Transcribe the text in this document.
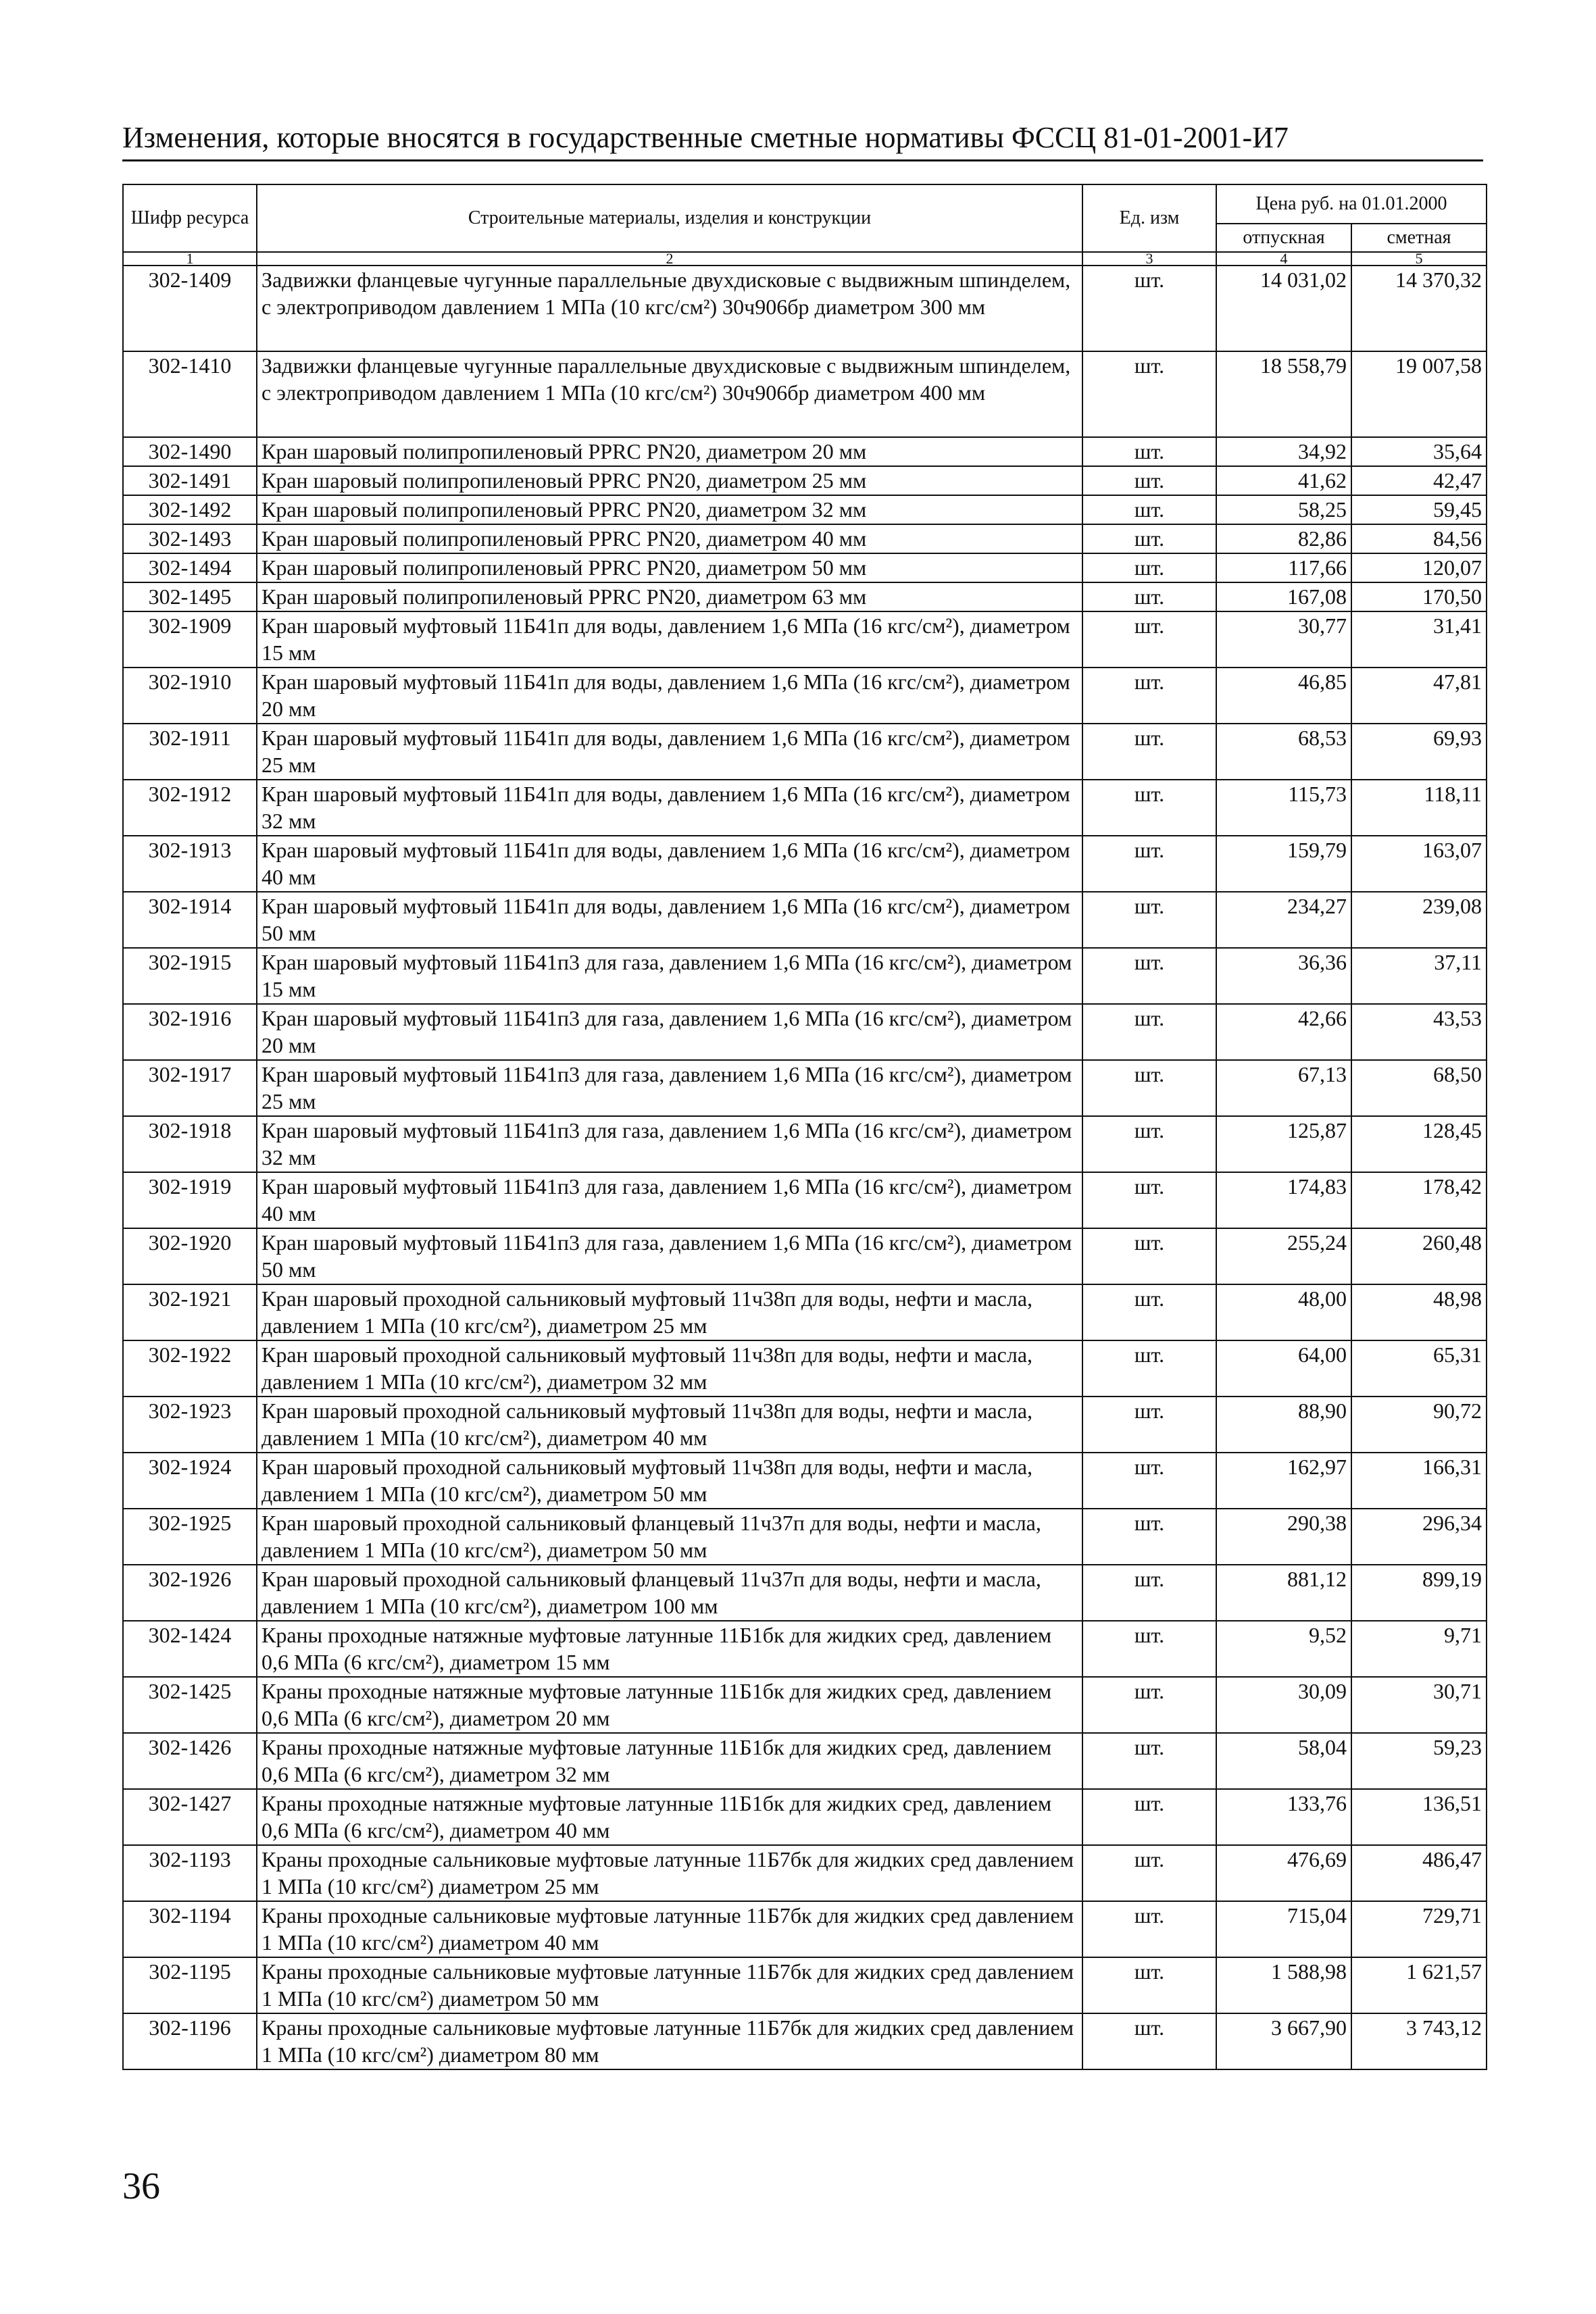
Изменения, которые вносятся в государственные сметные нормативы ФССЦ 81-01-2001-И7
Шифр ресурса	Строительные материалы, изделия и конструкции	Ед. изм	Цена руб. на 01.01.2000	
			отпускная	сметная
1	2	3	4	5
302-1409	Задвижки фланцевые чугунные параллельные двухдисковые с выдвижным шпинделем, с электроприводом давлением 1 МПа (10 кгс/см²) 30ч906бр диаметром 300 мм	шт.	14 031,02	14 370,32
302-1410	Задвижки фланцевые чугунные параллельные двухдисковые с выдвижным шпинделем, с электроприводом давлением 1 МПа (10 кгс/см²) 30ч906бр диаметром 400 мм	шт.	18 558,79	19 007,58
302-1490	Кран шаровый полипропиленовый PPRC PN20, диаметром 20 мм	шт.	34,92	35,64
302-1491	Кран шаровый полипропиленовый PPRC PN20, диаметром 25 мм	шт.	41,62	42,47
302-1492	Кран шаровый полипропиленовый PPRC PN20, диаметром 32 мм	шт.	58,25	59,45
302-1493	Кран шаровый полипропиленовый PPRC PN20, диаметром 40 мм	шт.	82,86	84,56
302-1494	Кран шаровый полипропиленовый PPRC PN20, диаметром 50 мм	шт.	117,66	120,07
302-1495	Кран шаровый полипропиленовый PPRC PN20, диаметром 63 мм	шт.	167,08	170,50
302-1909	Кран шаровый муфтовый 11Б41п для воды, давлением 1,6 МПа (16 кгс/см²), диаметром 15 мм	шт.	30,77	31,41
302-1910	Кран шаровый муфтовый 11Б41п для воды, давлением 1,6 МПа (16 кгс/см²), диаметром 20 мм	шт.	46,85	47,81
302-1911	Кран шаровый муфтовый 11Б41п для воды, давлением 1,6 МПа (16 кгс/см²), диаметром 25 мм	шт.	68,53	69,93
302-1912	Кран шаровый муфтовый 11Б41п для воды, давлением 1,6 МПа (16 кгс/см²), диаметром 32 мм	шт.	115,73	118,11
302-1913	Кран шаровый муфтовый 11Б41п для воды, давлением 1,6 МПа (16 кгс/см²), диаметром 40 мм	шт.	159,79	163,07
302-1914	Кран шаровый муфтовый 11Б41п для воды, давлением 1,6 МПа (16 кгс/см²), диаметром 50 мм	шт.	234,27	239,08
302-1915	Кран шаровый муфтовый 11Б41п3 для газа, давлением 1,6 МПа (16 кгс/см²), диаметром 15 мм	шт.	36,36	37,11
302-1916	Кран шаровый муфтовый 11Б41п3 для газа, давлением 1,6 МПа (16 кгс/см²), диаметром 20 мм	шт.	42,66	43,53
302-1917	Кран шаровый муфтовый 11Б41п3 для газа, давлением 1,6 МПа (16 кгс/см²), диаметром 25 мм	шт.	67,13	68,50
302-1918	Кран шаровый муфтовый 11Б41п3 для газа, давлением 1,6 МПа (16 кгс/см²), диаметром 32 мм	шт.	125,87	128,45
302-1919	Кран шаровый муфтовый 11Б41п3 для газа, давлением 1,6 МПа (16 кгс/см²), диаметром 40 мм	шт.	174,83	178,42
302-1920	Кран шаровый муфтовый 11Б41п3 для газа, давлением 1,6 МПа (16 кгс/см²), диаметром 50 мм	шт.	255,24	260,48
302-1921	Кран шаровый проходной сальниковый муфтовый 11ч38п для воды, нефти и масла, давлением 1 МПа (10 кгс/см²), диаметром 25 мм	шт.	48,00	48,98
302-1922	Кран шаровый проходной сальниковый муфтовый 11ч38п для воды, нефти и масла, давлением 1 МПа (10 кгс/см²), диаметром 32 мм	шт.	64,00	65,31
302-1923	Кран шаровый проходной сальниковый муфтовый 11ч38п для воды, нефти и масла, давлением 1 МПа (10 кгс/см²), диаметром 40 мм	шт.	88,90	90,72
302-1924	Кран шаровый проходной сальниковый муфтовый 11ч38п для воды, нефти и масла, давлением 1 МПа (10 кгс/см²), диаметром 50 мм	шт.	162,97	166,31
302-1925	Кран шаровый проходной сальниковый фланцевый 11ч37п для воды, нефти и масла, давлением 1 МПа (10 кгс/см²), диаметром 50 мм	шт.	290,38	296,34
302-1926	Кран шаровый проходной сальниковый фланцевый 11ч37п для воды, нефти и масла, давлением 1 МПа (10 кгс/см²), диаметром 100 мм	шт.	881,12	899,19
302-1424	Краны проходные натяжные муфтовые латунные 11Б1бк для жидких сред, давлением 0,6 МПа (6 кгс/см²), диаметром 15 мм	шт.	9,52	9,71
302-1425	Краны проходные натяжные муфтовые латунные 11Б1бк для жидких сред, давлением 0,6 МПа (6 кгс/см²), диаметром 20 мм	шт.	30,09	30,71
302-1426	Краны проходные натяжные муфтовые латунные 11Б1бк для жидких сред, давлением 0,6 МПа (6 кгс/см²), диаметром 32 мм	шт.	58,04	59,23
302-1427	Краны проходные натяжные муфтовые латунные 11Б1бк для жидких сред, давлением 0,6 МПа (6 кгс/см²), диаметром 40 мм	шт.	133,76	136,51
302-1193	Краны проходные сальниковые муфтовые латунные 11Б7бк для жидких сред давлением 1 МПа (10 кгс/см²) диаметром 25 мм	шт.	476,69	486,47
302-1194	Краны проходные сальниковые муфтовые латунные 11Б7бк для жидких сред давлением 1 МПа (10 кгс/см²) диаметром 40 мм	шт.	715,04	729,71
302-1195	Краны проходные сальниковые муфтовые латунные 11Б7бк для жидких сред давлением 1 МПа (10 кгс/см²) диаметром 50 мм	шт.	1 588,98	1 621,57
302-1196	Краны проходные сальниковые муфтовые латунные 11Б7бк для жидких сред давлением 1 МПа (10 кгс/см²) диаметром 80 мм	шт.	3 667,90	3 743,12
36
